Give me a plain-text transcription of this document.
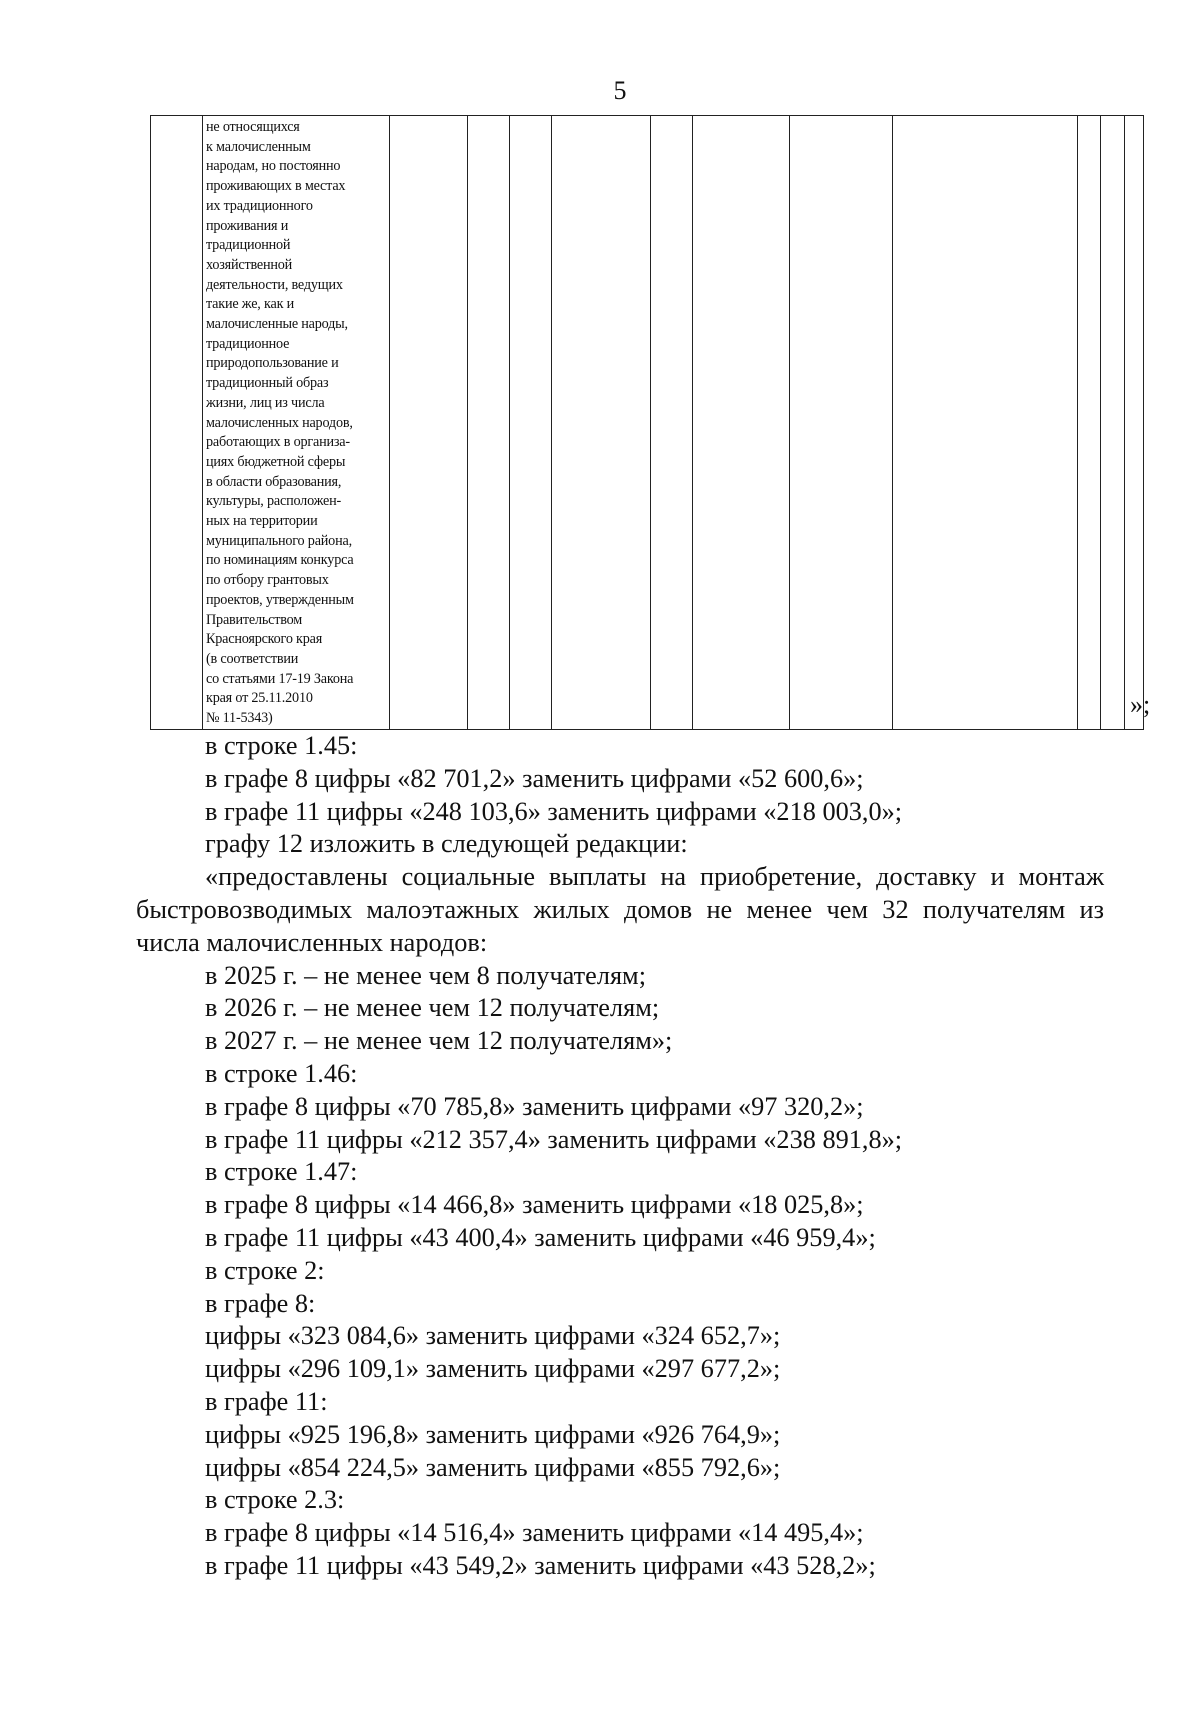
5

не относящихся
к малочисленным
народам, но постоянно
проживающих в местах
их традиционного
проживания и
традиционной
хозяйственной
деятельности, ведущих
такие же, как и
малочисленные народы,
традиционное
природопользование и
традиционный образ
жизни, лиц из числа
малочисленных народов,
работающих в организа-
циях бюджетной сферы
в области образования,
культуры, расположен-
ных на территории
муниципального района,
по номинациям конкурса
по отбору грантовых
проектов, утвержденным
Правительством
Красноярского края
(в соответствии
со статьями 17-19 Закона
края от 25.11.2010
№ 11-5343)
												»;

в строке 1.45:

в графе 8 цифры «82 701,2» заменить цифрами «52 600,6»;

в графе 11 цифры «248 103,6» заменить цифрами «218 003,0»;

графу 12 изложить в следующей редакции:

«предоставлены социальные выплаты на приобретение, доставку и монтаж быстровозводимых малоэтажных жилых домов не менее чем 32 получателям из числа малочисленных народов:

в 2025 г. – не менее чем 8 получателям;

в 2026 г. – не менее чем 12 получателям;

в 2027 г. – не менее чем 12 получателям»;

в строке 1.46:

в графе 8 цифры «70 785,8» заменить цифрами «97 320,2»;

в графе 11 цифры «212 357,4» заменить цифрами «238 891,8»;

в строке 1.47:

в графе 8 цифры «14 466,8» заменить цифрами «18 025,8»;

в графе 11 цифры «43 400,4» заменить цифрами «46 959,4»;

в строке 2:

в графе 8:

цифры «323 084,6» заменить цифрами «324 652,7»;

цифры «296 109,1» заменить цифрами «297 677,2»;

в графе 11:

цифры «925 196,8» заменить цифрами «926 764,9»;

цифры «854 224,5» заменить цифрами «855 792,6»;

в строке 2.3:

в графе 8 цифры «14 516,4» заменить цифрами «14 495,4»;

в графе 11 цифры «43 549,2» заменить цифрами «43 528,2»;
